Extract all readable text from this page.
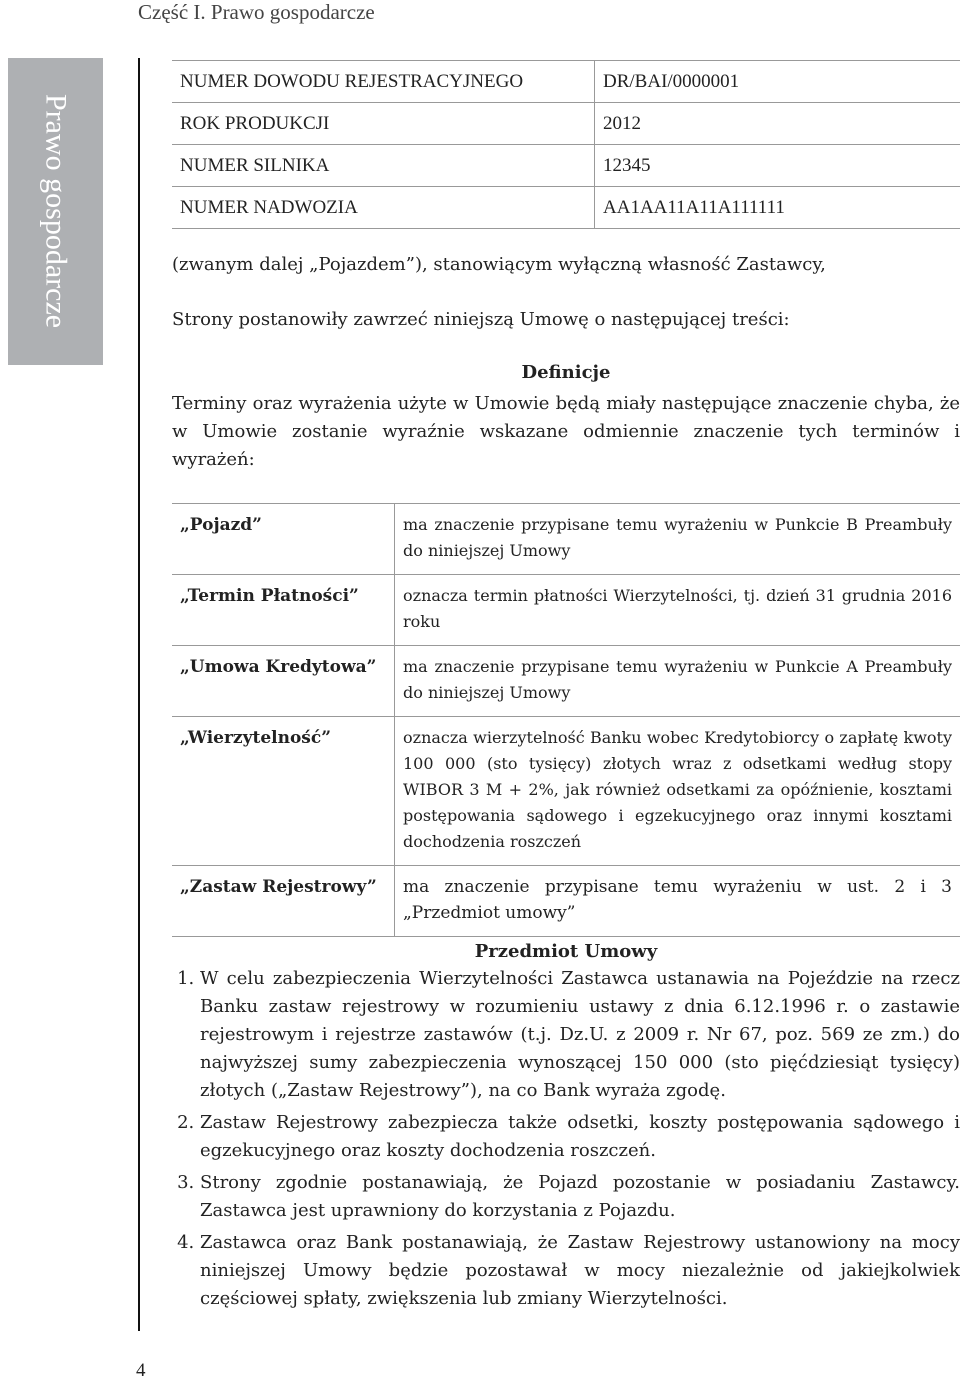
Część I. Prawo gospodarcze
Prawo gospodarcze
NUMER DOWODU REJESTRACYJNEGO	DR/BAI/0000001
ROK PRODUKCJI	2012
NUMER SILNIKA	12345
NUMER NADWOZIA	AA1AA11A11A111111
(zwanym dalej „Pojazdem”), stanowiącym wyłączną własność Zastawcy,
Strony postanowiły zawrzeć niniejszą Umowę o następującej treści:
Definicje
Terminy oraz wyrażenia użyte w Umowie będą miały następujące znaczenie chyba, że w Umowie zostanie wyraźnie wskazane odmiennie znaczenie tych terminów i wyrażeń:
„Pojazd”	ma znaczenie przypisane temu wyrażeniu w Punkcie B Preambuły do niniejszej Umowy
„Termin Płatności”	oznacza termin płatności Wierzytelności, tj. dzień 31 grudnia 2016 roku
„Umowa Kredytowa”	ma znaczenie przypisane temu wyrażeniu w Punkcie A Preambuły do niniejszej Umowy
„Wierzytelność”	oznacza wierzytelność Banku wobec Kredytobiorcy o zapłatę kwoty 100 000 (sto tysięcy) złotych wraz z odsetkami według stopy WIBOR 3 M + 2%, jak również odsetkami za opóźnienie, kosztami postępowania sądowego i egzekucyjnego oraz innymi kosztami dochodzenia roszczeń
„Zastaw Rejestrowy”	ma znaczenie przypisane temu wyrażeniu w ust. 2 i 3 „Przedmiot umowy”
Przedmiot Umowy
1. W celu zabezpieczenia Wierzytelności Zastawca ustanawia na Pojeździe na rzecz Banku zastaw rejestrowy w rozumieniu ustawy z dnia 6.12.1996 r. o zastawie rejestrowym i rejestrze zastawów (t.j. Dz.U. z 2009 r. Nr 67, poz. 569 ze zm.) do najwyższej sumy zabezpieczenia wynoszącej 150 000 (sto pięćdziesiąt tysięcy) złotych („Zastaw Rejestrowy”), na co Bank wyraża zgodę.
2. Zastaw Rejestrowy zabezpiecza także odsetki, koszty postępowania sądowego i egzekucyjnego oraz koszty dochodzenia roszczeń.
3. Strony zgodnie postanawiają, że Pojazd pozostanie w posiadaniu Zastawcy. Zastawca jest uprawniony do korzystania z Pojazdu.
4. Zastawca oraz Bank postanawiają, że Zastaw Rejestrowy ustanowiony na mocy niniejszej Umowy będzie pozostawał w mocy niezależnie od jakiejkolwiek częściowej spłaty, zwiększenia lub zmiany Wierzytelności.
4
